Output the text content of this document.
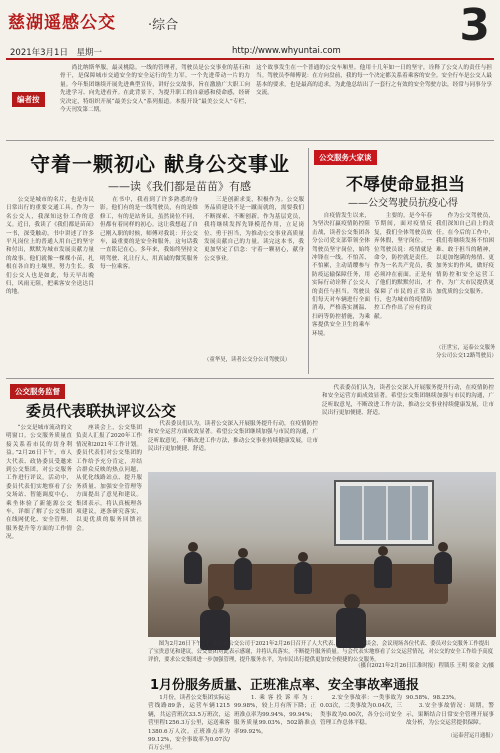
慈湖遥感公交 ·综合	3
2021年3月1日　星期一	http://www.whyuntai.com
编者按
　　尚比纳斯华服，最灵桃隐。一线的管理者，驾驶员是公交事业的基石和骨干，是保障城市交通安全的安全运行的生力军。一个先进带动一片的力量。今年集团继续开展先进典型宣传，讲好公交故事，旨在激励广大职工向先进学习、向先进看齐。在此背景下，为提升职工的自豪感和使命感，经研究决定，特组织开展“最美公交人”系列报道。本报开设“最美公交人”专栏，今天刊发第二期。
这个故事发生在一个普通的公交车厢里。他用十几年如一日的坚守，诠释了公交人的责任与担当。驾驶员李师傅说：在方向盘前，我的每一个决定都关系着乘客的安全。安全行车是公交人最基本的要求，也是最高的追求，为此他总结出了一套行之有效的安全驾驶方法，经常与同事分享交流。
守着一颗初心 献身公交事业
——读《我们都是苗苗》有感
　　公交是城市的名片，也是市民日常出行的重要交通工具。作为一名公交人，我深知这份工作的意义。近日，我读了《我们都是苗苗》一书，深受触动。书中讲述了许多平凡岗位上的普通人用自己的坚守和付出，默默为城市发展贡献力量的故事。他们就像一棵棵小苗，扎根在各自的土壤里，努力生长。我们公交人也是如此，每天早出晚归，风雨无阻，把乘客安全送达目的地。
　　在书中，我看到了许多熟悉的身影。他们有的是一线驾驶员，有的是维修工，有的是站务员，虽然岗位不同，但都有着同样的初心。这让我想起了自己刚入职的时候，师傅对我说：开公交车，最重要的是安全和服务。这句话我一直铭记在心。多年来，我始终坚持文明驾驶、礼让行人，用真诚的微笑服务每一位乘客。
　　三是创新求变，积极作为。公交服务品质建设不是一蹴而就的，需要我们不断探索、不断创新。作为基层党员，我将继续发挥先锋模范作用，立足岗位、勇于担当，为推动公交事业高质量发展贡献自己的力量。读完这本书，我更加坚定了信念：守着一颗初心，献身公交事业。
（童华昊，读者公交分公司驾驶员）
公交服务大家谈
不辱使命显担当
——公交驾驶员抗疫心得
　　自疫情发生以来，为坚决打赢疫情防控阻击战，读者公交集团各分公司党支部带领全体驾驶员坚守岗位，始终冲锋在一线。不怕苦、不怕累，主动请缨参与防疫运输保障任务，用实际行动诠释了公交人的责任与担当。驾驶员们每天对车辆进行全面消毒，严格落实测温、扫码等防控措施，为乘客提供安全卫生的乘车环境。
　　主要的，是今年春节期间，面对疫情反复，我们全体驾驶员放弃休假，坚守岗位。一位驾驶员说：疫情就是命令，防控就是责任。作为一名共产党员，我必须冲在前面。正是有了他们的默默付出，才保障了市民的正常出行，也为城市的疫情防控工作作出了应有的贡献。
　　作为公交驾驶员，我们深知自己肩上的责任。在今后的工作中，我们将继续发扬不怕困难、敢于担当的精神，以更加饱满的热情、更加务实的作风，做好疫情防控和安全运营工作，为广大市民提供更加优质的公交服务。
（汪世宝，运泰公交服务分公司公交12路驾驶员）
公交服务监督
委员代表联执评议公交
　　“公交是城市流动的文明窗口，公交服务质量直接关系着市民的切身利益。”2月26日下午，市人大代表、政协委员受邀来到公交集团，对公交服务工作进行评议。活动中，委员代表们实地察看了公交场站、智能调度中心，乘坐体验了新能源公交车，详细了解了公交集团在线网优化、安全管理、服务提升等方面的工作情况。
　　座谈会上，公交集团负责人汇报了2020年工作情况和2021年工作计划。委员代表们对公交集团的工作给予充分肯定，并结合群众反映的热点问题，从优化线路站点、提升服务质量、加强安全管理等方面提出了意见和建议。集团表示，将认真梳理各项建议，逐条研究落实，以更优质的服务回馈社会。
　　代表委员们认为，读者公交深入开展服务提升行动，在疫情防控和安全运营方面成效显著。希望公交集团继续加强与市民的沟通，广泛听取意见，不断改进工作方法，推动公交事业持续健康发展，让市民出行更加便捷、舒适。
　　代表委员们认为，读者公交深入开展服务提升行动，在疫情防控和安全运营方面成效显著。希望公交集团继续加强与市民的沟通，广泛听取意见，不断改进工作方法，推动公交事业持续健康发展，让市民出行更加便捷、舒适。
　　图为2月26日下午，广德县市公交公司于2021年2月26日召开了人大代表、政协委员座谈会，会议现场各位代表、委员对公交服务工作提出了宝贵意见和建议，公交集团对此表示感谢，并将认真落实，不断提升服务质量。与会代表实地察看了公交运营情况，对公交的安全工作给予高度评价，要求公交集团进一步加强管理，提升服务水平，为市民出行提供更加安全便捷的公交服务。
（摄自2021年2月26日江淮时报）程锁乐 王明 梁金 文/摄
1月份服务质量、正班准点率、安全事故率通报
　　1月份，读者公交集团实际运营线路89条，运营车辆1215辆，共运营班次33.5万班次，运营里程1256.3万公里，运送乘客1380.6万人次。正班准点率为99.12%，安全事故率为0.07次/百万公里。
　　1.乘客投诉率为：99.98%，较上月有所下降；正班准点率为99.94%，99.94%；服务质量99.03%，502路准点率99.92%。
　　2.安全事故率：一类事故为0.03次，二类事故为0.04次，三类事故为0.00次，各分公司安全管理工作总体平稳。
90.58%、98.23%。
　　3.安全事故情况：周期，警示，果断结合日常安全管理开展事故分析，为公交运营提供保障。
（运泰营运月通报）
